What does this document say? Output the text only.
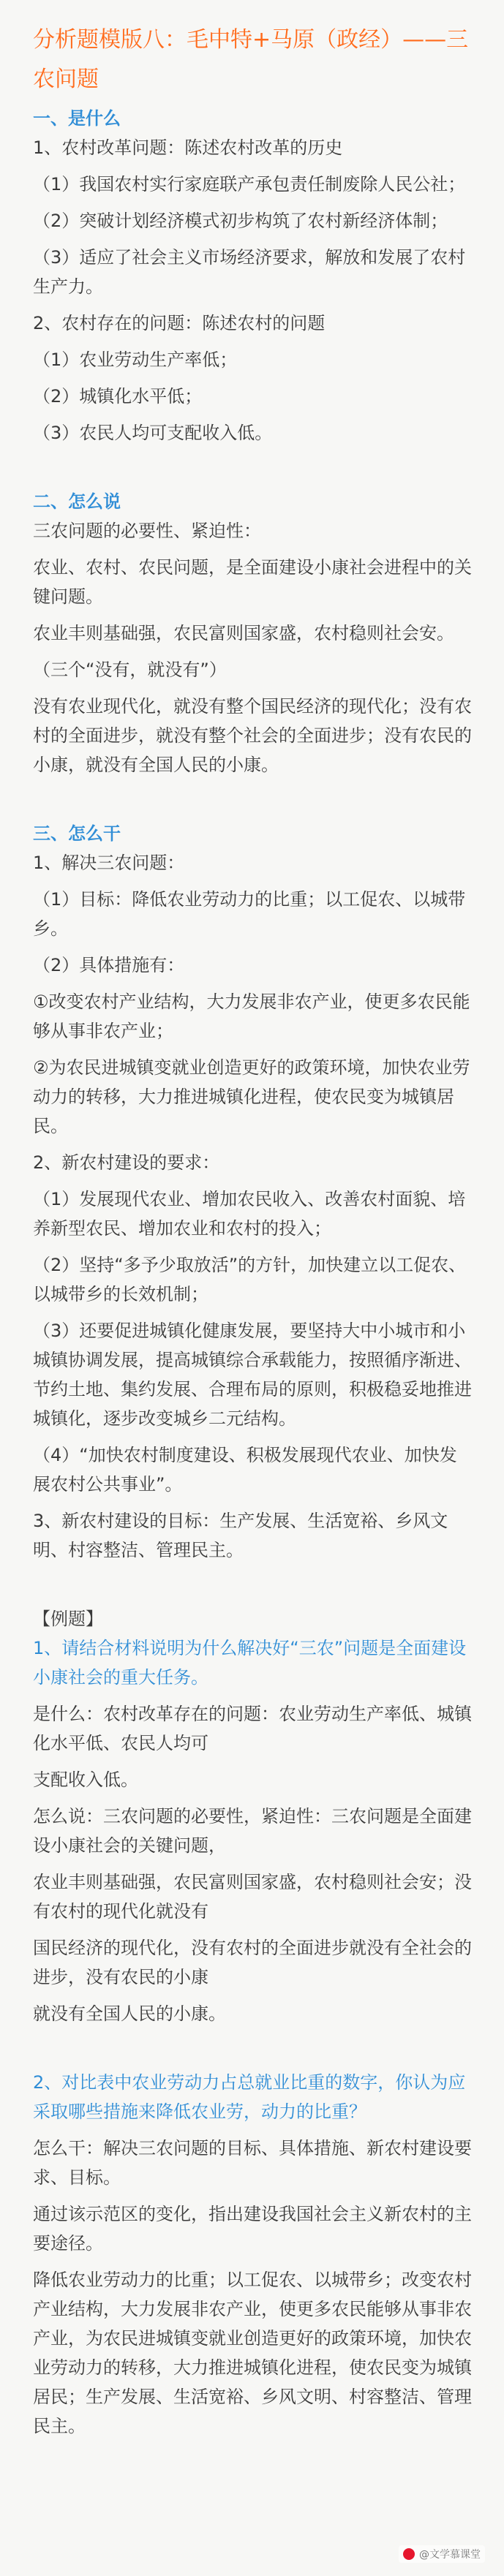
分析题模版八：毛中特+马原（政经）——三农问题
一、是什么
1、农村改革问题：陈述农村改革的历史
（1）我国农村实行家庭联产承包责任制废除人民公社；
（2）突破计划经济模式初步构筑了农村新经济体制；
（3）适应了社会主义市场经济要求，解放和发展了农村生产力。
2、农村存在的问题：陈述农村的问题
（1）农业劳动生产率低；
（2）城镇化水平低；
（3）农民人均可支配收入低。
二、怎么说
三农问题的必要性、紧迫性：
农业、农村、农民问题，是全面建设小康社会进程中的关键问题。
农业丰则基础强，农民富则国家盛，农村稳则社会安。
（三个“没有，就没有”）
没有农业现代化，就没有整个国民经济的现代化；没有农村的全面进步，就没有整个社会的全面进步；没有农民的小康，就没有全国人民的小康。
三、怎么干
1、解决三农问题：
（1）目标：降低农业劳动力的比重；以工促农、以城带乡。
（2）具体措施有：
①改变农村产业结构，大力发展非农产业，使更多农民能够从事非农产业；
②为农民进城镇变就业创造更好的政策环境，加快农业劳动力的转移，大力推进城镇化进程，使农民变为城镇居民。
2、新农村建设的要求：
（1）发展现代农业、增加农民收入、改善农村面貌、培养新型农民、增加农业和农村的投入；
（2）坚持“多予少取放活”的方针，加快建立以工促农、以城带乡的长效机制；
（3）还要促进城镇化健康发展，要坚持大中小城市和小城镇协调发展，提高城镇综合承载能力，按照循序渐进、节约土地、集约发展、合理布局的原则，积极稳妥地推进城镇化，逐步改变城乡二元结构。
（4）“加快农村制度建设、积极发展现代农业、加快发展农村公共事业”。
3、新农村建设的目标：生产发展、生活宽裕、乡风文明、村容整洁、管理民主。
【例题】
1、请结合材料说明为什么解决好“三农”问题是全面建设小康社会的重大任务。
是什么：农村改革存在的问题：农业劳动生产率低、城镇化水平低、农民人均可
支配收入低。
怎么说：三农问题的必要性，紧迫性：三农问题是全面建设小康社会的关键问题，
农业丰则基础强，农民富则国家盛，农村稳则社会安；没有农村的现代化就没有
国民经济的现代化，没有农村的全面进步就没有全社会的进步，没有农民的小康
就没有全国人民的小康。
2、对比表中农业劳动力占总就业比重的数字，你认为应采取哪些措施来降低农业劳，动力的比重？
怎么干：解决三农问题的目标、具体措施、新农村建设要求、目标。
通过该示范区的变化，指出建设我国社会主义新农村的主要途径。
降低农业劳动力的比重；以工促农、以城带乡；改变农村产业结构，大力发展非农产业，使更多农民能够从事非农产业，为农民进城镇变就业创造更好的政策环境，加快农业劳动力的转移，大力推进城镇化进程，使农民变为城镇居民；生产发展、生活宽裕、乡风文明、村容整洁、管理民主。
@文学慕课堂
